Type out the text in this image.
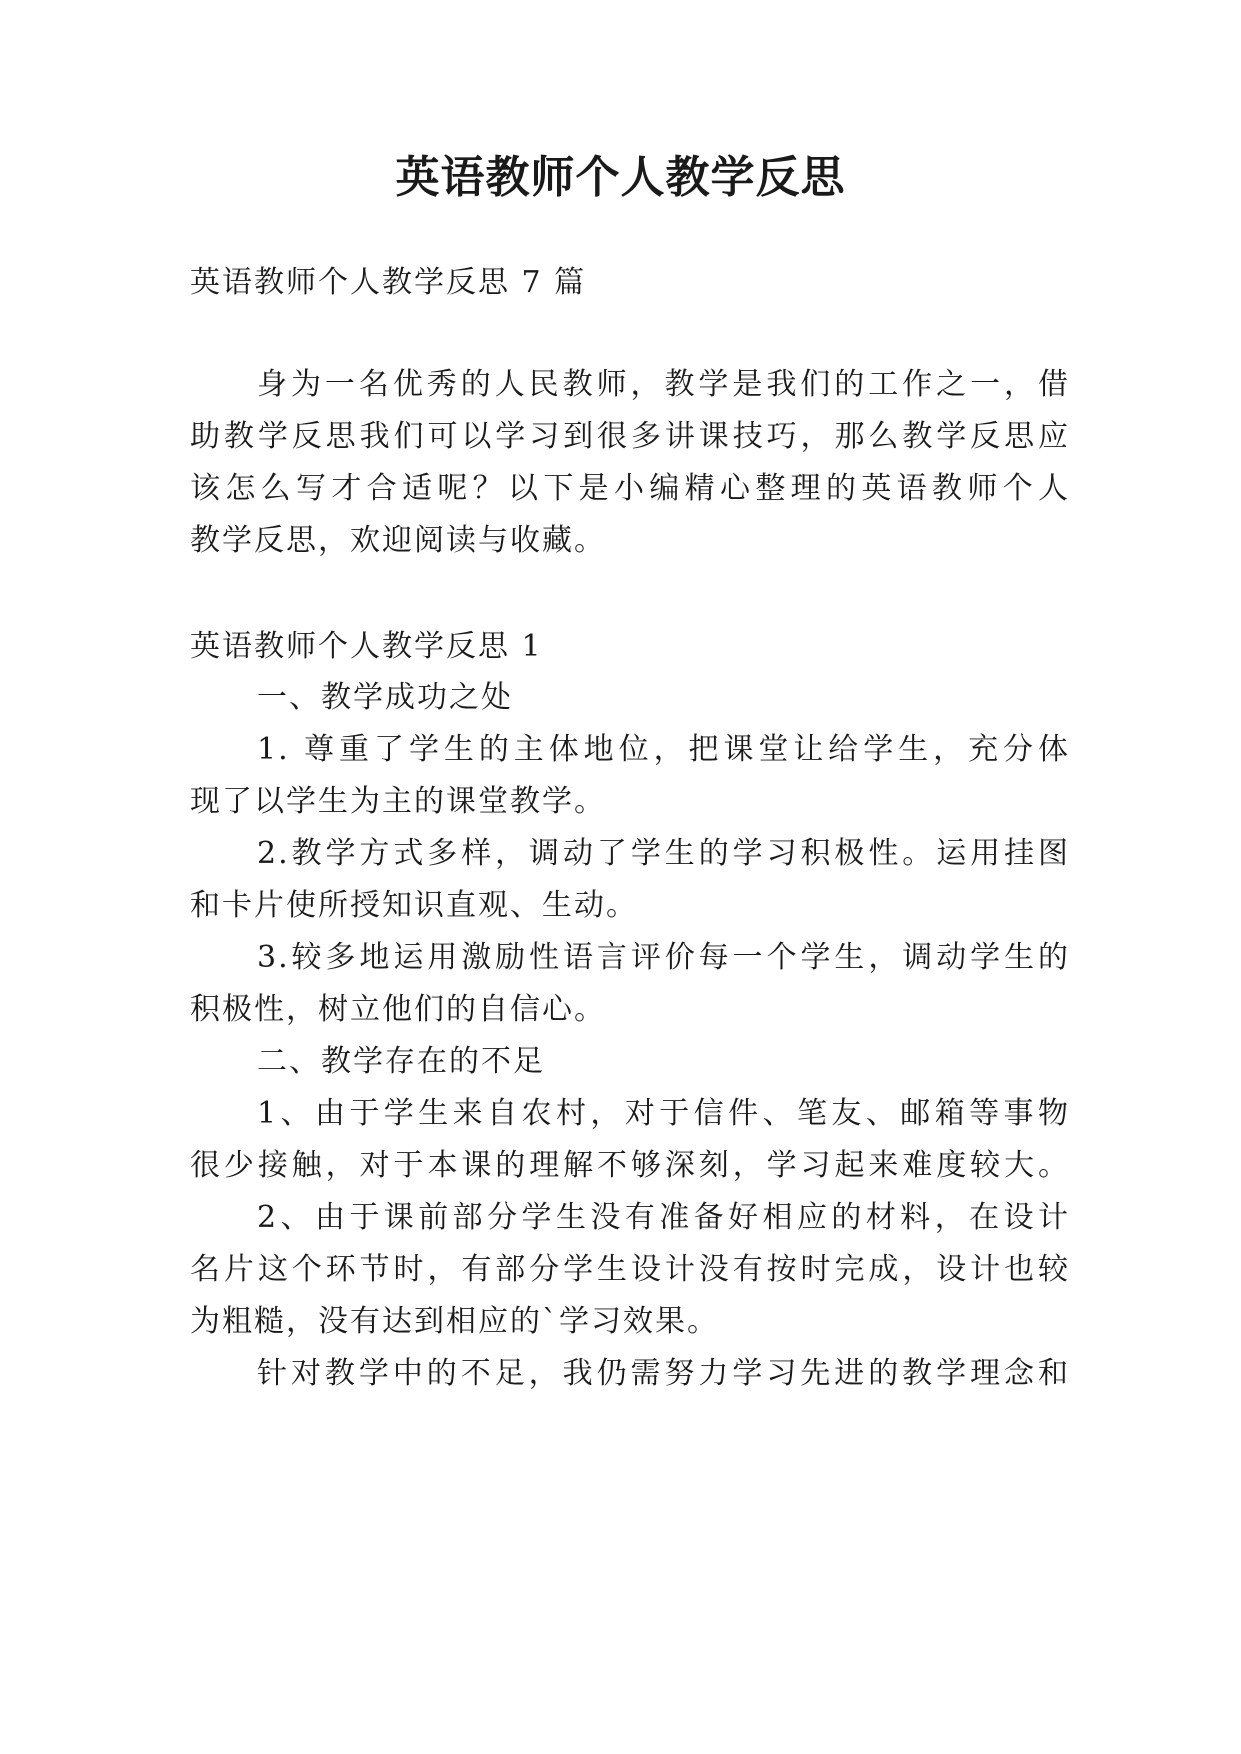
英语教师个人教学反思

英语教师个人教学反思 7 篇

身为一名优秀的人民教师，教学是我们的工作之一，借

助教学反思我们可以学习到很多讲课技巧，那么教学反思应

该怎么写才合适呢？以下是小编精心整理的英语教师个人

教学反思，欢迎阅读与收藏。

英语教师个人教学反思 1

一、教学成功之处

1. 尊重了学生的主体地位，把课堂让给学生，充分体

现了以学生为主的课堂教学。

2.教学方式多样，调动了学生的学习积极性。运用挂图

和卡片使所授知识直观、生动。

3.较多地运用激励性语言评价每一个学生，调动学生的

积极性，树立他们的自信心。

二、教学存在的不足

1、由于学生来自农村，对于信件、笔友、邮箱等事物

很少接触，对于本课的理解不够深刻，学习起来难度较大。

2、由于课前部分学生没有准备好相应的材料，在设计

名片这个环节时，有部分学生设计没有按时完成，设计也较

为粗糙，没有达到相应的`学习效果。

针对教学中的不足，我仍需努力学习先进的教学理念和
